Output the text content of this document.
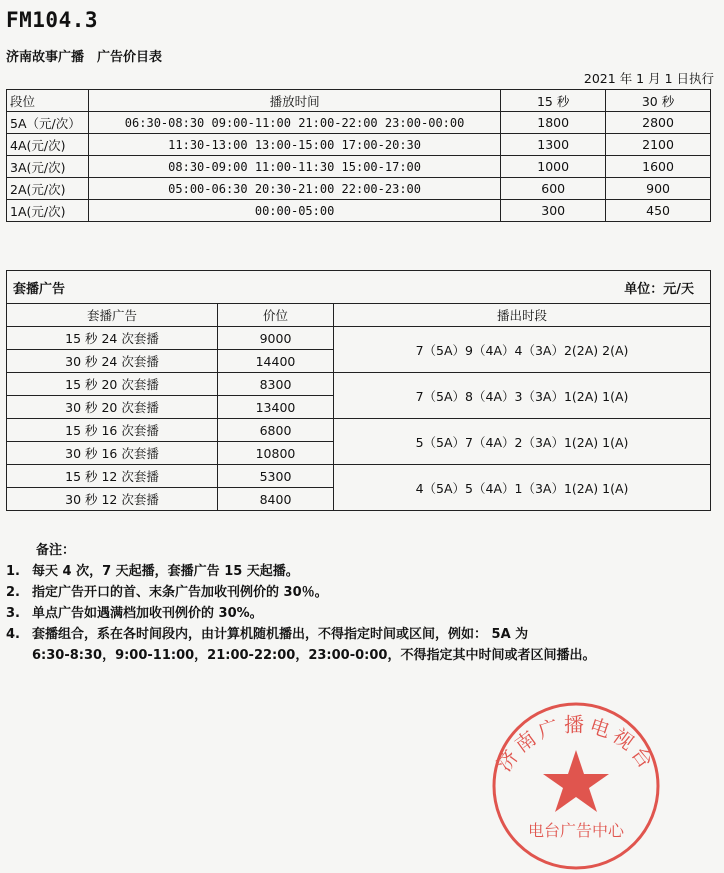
FM104.3
济南故事广播　广告价目表
2021 年 1 月 1 日执行
段位	播放时间	15 秒	30 秒
5A（元/次）	06:30-08:30 09:00-11:00 21:00-22:00 23:00-00:00	1800	2800
4A(元/次)	11:30-13:00 13:00-15:00 17:00-20:30	1300	2100
3A(元/次)	08:30-09:00 11:00-11:30 15:00-17:00	1000	1600
2A(元/次)	05:00-06:30 20:30-21:00 22:00-23:00	600	900
1A(元/次)	00:00-05:00	300	450
套播广告 单位：元/天		

套播广告	价位	播出时段
15 秒 24 次套播	9000	7（5A）9（4A）4（3A）2(2A) 2(A)
30 秒 24 次套播	14400	
15 秒 20 次套播	8300	7（5A）8（4A）3（3A）1(2A) 1(A)
30 秒 20 次套播	13400	
15 秒 16 次套播	6800	5（5A）7（4A）2（3A）1(2A) 1(A)
30 秒 16 次套播	10800	
15 秒 12 次套播	5300	4（5A）5（4A）1（3A）1(2A) 1(A)
30 秒 12 次套播	8400	
备注：
1. 每天 4 次，7 天起播，套播广告 15 天起播。
2. 指定广告开口的首、末条广告加收刊例价的 30％。
3. 单点广告如遇满档加收刊例价的 30%。
4. 套播组合，系在各时间段内，由计算机随机播出，不得指定时间或区间，例如： 5A 为
6:30-8:30，9:00-11:00，21:00-22:00，23:00-0:00，不得指定其中时间或者区间播出。
济南广播电视台
电台广告中心
